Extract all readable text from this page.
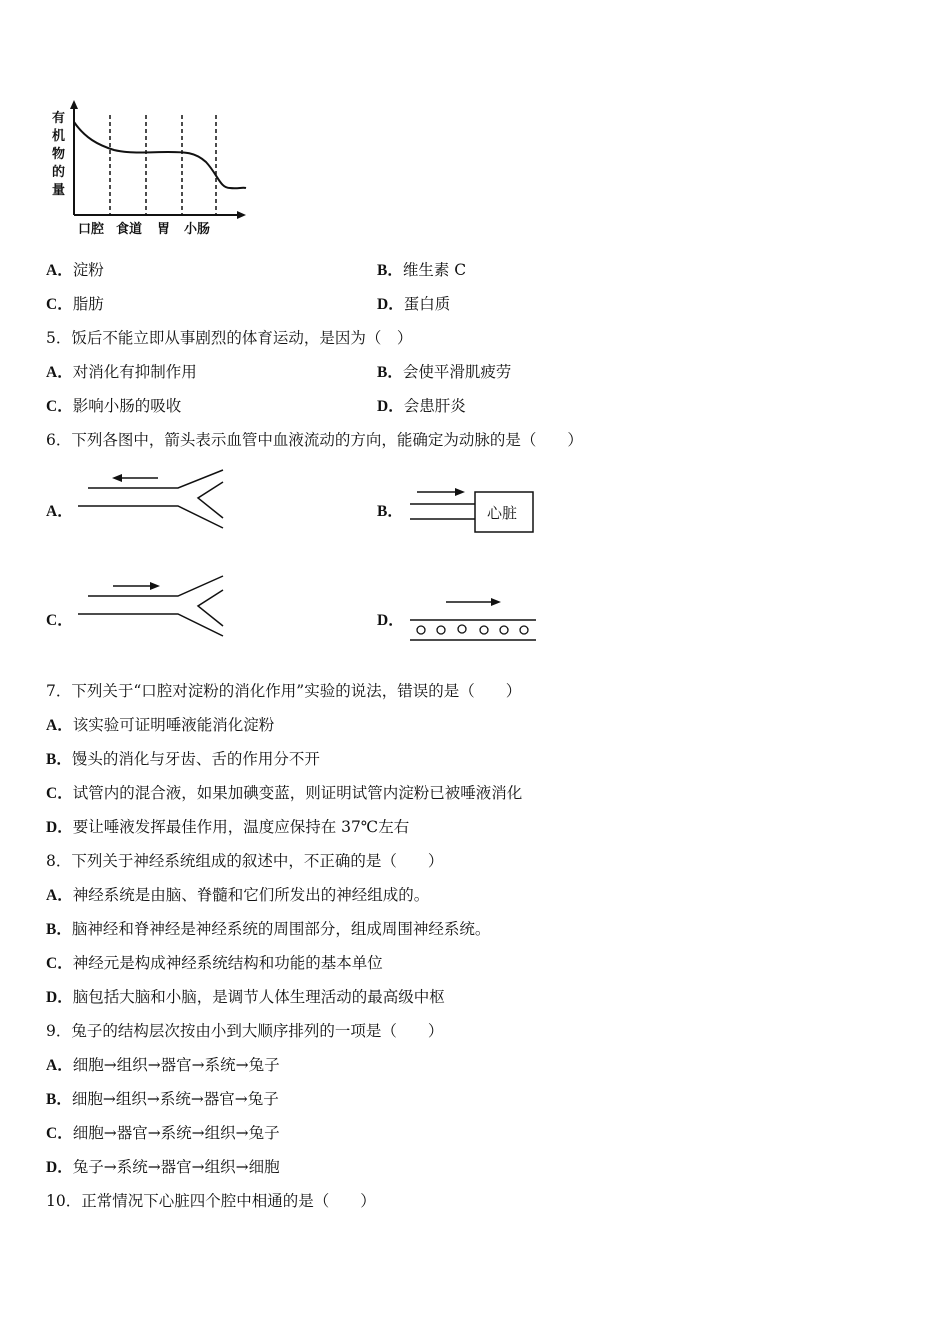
有
机
物
的
量
口腔 食道 胃 小肠
A．淀粉	B．维生素 C
C．脂肪	D．蛋白质
5．饭后不能立即从事剧烈的体育运动，是因为（　）
A．对消化有抑制作用	B．会使平滑肌疲劳
C．影响小肠的吸收	D．会患肝炎
6．下列各图中，箭头表示血管中血液流动的方向，能确定为动脉的是（　　）
A．	B．	心脏
C．	D．
7．下列关于“口腔对淀粉的消化作用”实验的说法，错误的是（　　）
A．该实验可证明唾液能消化淀粉
B．馒头的消化与牙齿、舌的作用分不开
C．试管内的混合液，如果加碘变蓝，则证明试管内淀粉已被唾液消化
D．要让唾液发挥最佳作用，温度应保持在 37℃左右
8．下列关于神经系统组成的叙述中，不正确的是（　　）
A．神经系统是由脑、脊髓和它们所发出的神经组成的。
B．脑神经和脊神经是神经系统的周围部分，组成周围神经系统。
C．神经元是构成神经系统结构和功能的基本单位
D．脑包括大脑和小脑，是调节人体生理活动的最高级中枢
9．兔子的结构层次按由小到大顺序排列的一项是（　　）
A．细胞→组织→器官→系统→兔子
B．细胞→组织→系统→器官→兔子
C．细胞→器官→系统→组织→兔子
D．兔子→系统→器官→组织→细胞
10．正常情况下心脏四个腔中相通的是（　　）
